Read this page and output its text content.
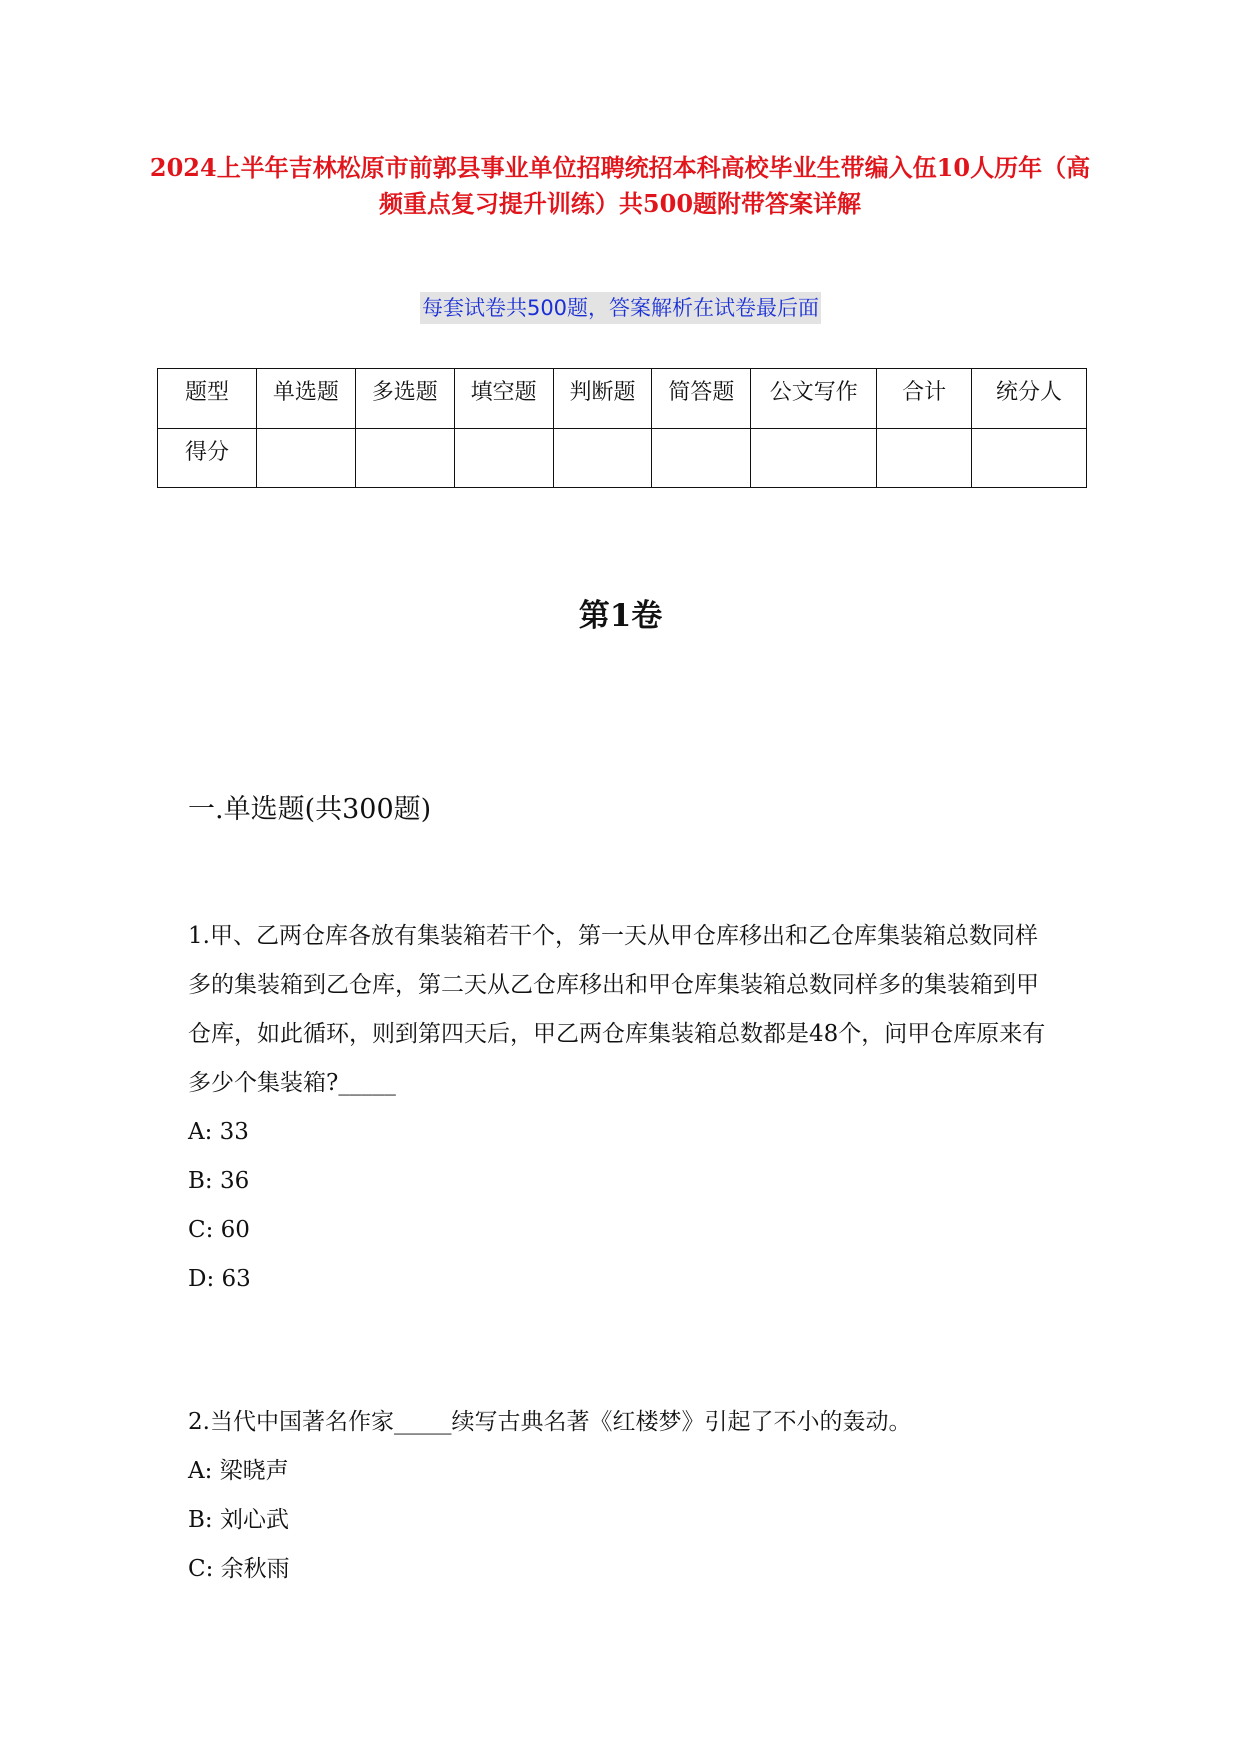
2024上半年吉林松原市前郭县事业单位招聘统招本科高校毕业生带编入伍10人历年（高频重点复习提升训练）共500题附带答案详解
每套试卷共500题，答案解析在试卷最后面
题型	单选题	多选题	填空题	判断题	简答题	公文写作	合计	统分人
得分								
第1卷
一.单选题(共300题)
1.甲、乙两仓库各放有集装箱若干个，第一天从甲仓库移出和乙仓库集装箱总数同样多的集装箱到乙仓库，第二天从乙仓库移出和甲仓库集装箱总数同样多的集装箱到甲仓库，如此循环，则到第四天后，甲乙两仓库集装箱总数都是48个，问甲仓库原来有多少个集装箱?_____
A: 33
B: 36
C: 60
D: 63
2.当代中国著名作家_____续写古典名著《红楼梦》引起了不小的轰动。
A: 梁晓声
B: 刘心武
C: 余秋雨
